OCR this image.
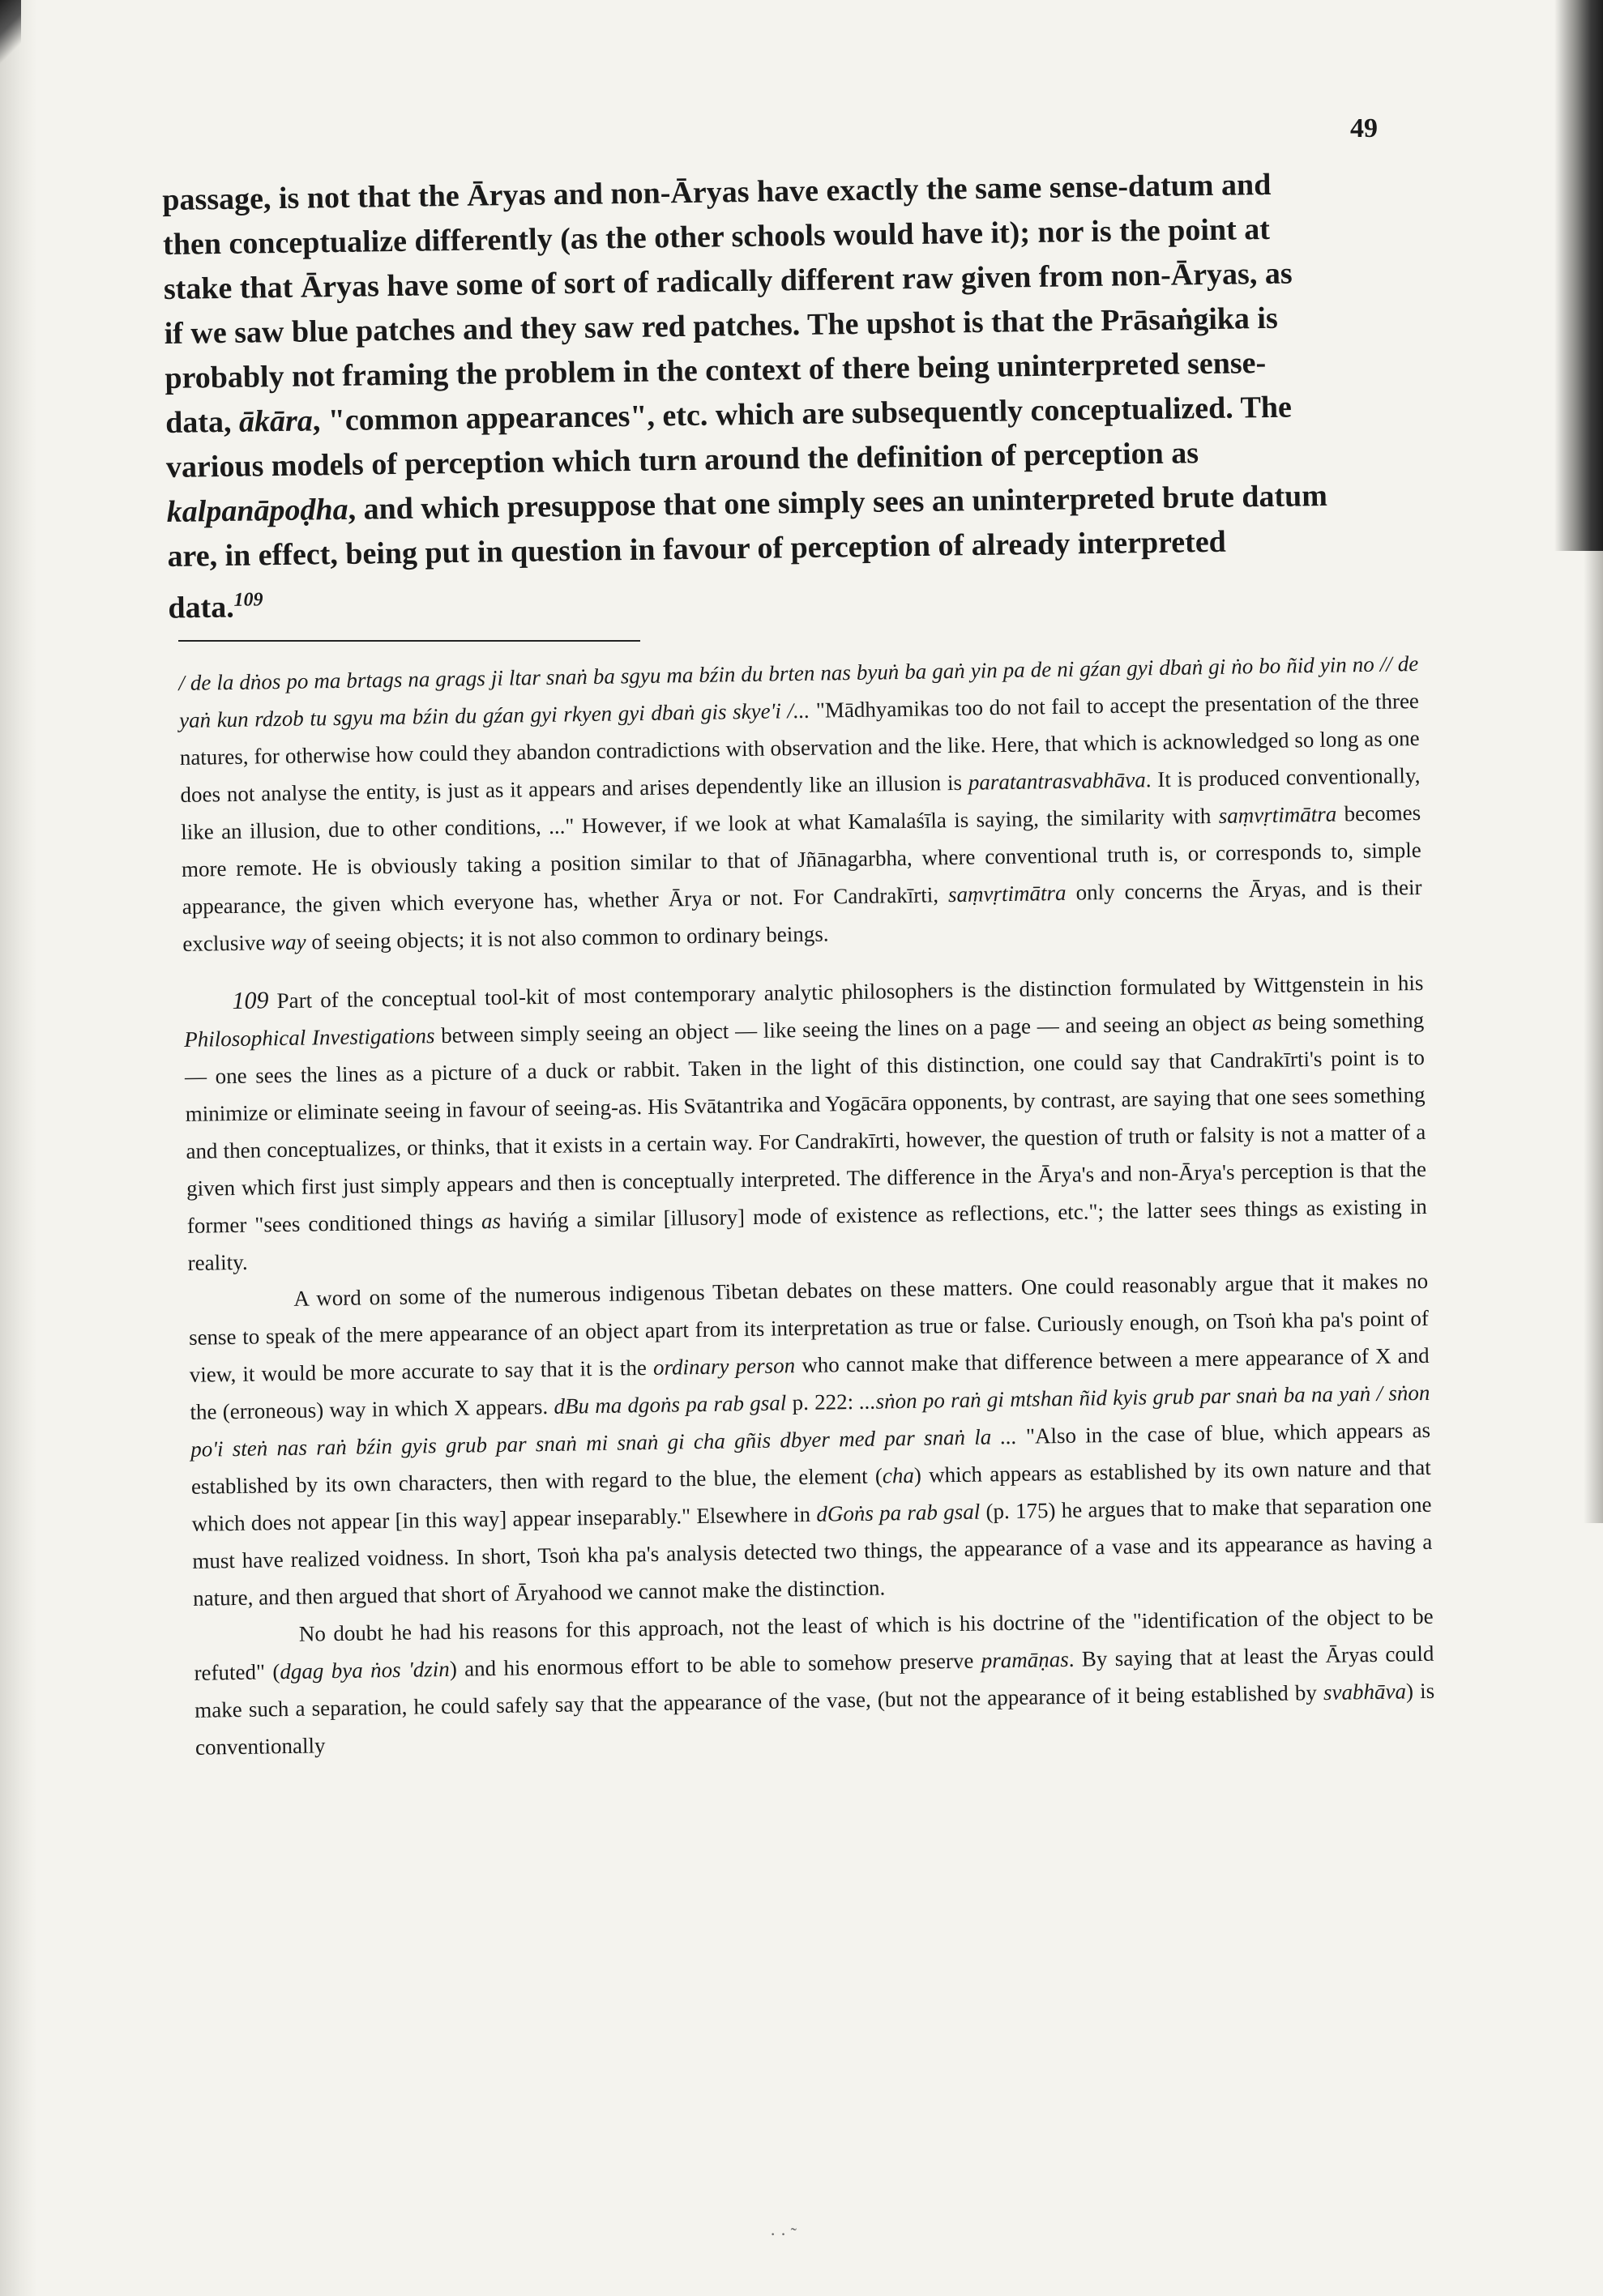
49

passage, is not that the Āryas and non-Āryas have exactly the same sense-datum and

then conceptualize differently (as the other schools would have it); nor is the point at

stake that Āryas have some of sort of radically different raw given from non-Āryas, as

if we saw blue patches and they saw red patches. The upshot is that the Prāsaṅgika is

probably not framing the problem in the context of there being uninterpreted sense-

data, ākāra, "common appearances", etc. which are subsequently conceptualized. The

various models of perception which turn around the definition of perception as

kalpanāpoḍha, and which presuppose that one simply sees an uninterpreted brute datum

are, in effect, being put in question in favour of perception of already interpreted

data.$^{109}$

/ de la dṅos po ma brtags na grags ji ltar snaṅ ba sgyu ma bźin du brten nas byuṅ ba gaṅ yin pa de ni gźan gyi dbaṅ gi ṅo bo ñid yin no // de yaṅ kun rdzob tu sgyu ma bźin du gźan gyi rkyen gyi dbaṅ gis skye'i /... "Mādhyamikas too do not fail to accept the presentation of the three natures, for otherwise how could they abandon contradictions with observation and the like. Here, that which is acknowledged so long as one does not analyse the entity, is just as it appears and arises dependently like an illusion is paratantrasvabhāva. It is produced conventionally, like an illusion, due to other conditions, ..." However, if we look at what Kamalaśīla is saying, the similarity with saṃvṛtimātra becomes more remote. He is obviously taking a position similar to that of Jñānagarbha, where conventional truth is, or corresponds to, simple appearance, the given which everyone has, whether Ārya or not. For Candrakīrti, saṃvṛtimātra only concerns the Āryas, and is their exclusive way of seeing objects; it is not also common to ordinary beings.

109 Part of the conceptual tool-kit of most contemporary analytic philosophers is the distinction formulated by Wittgenstein in his Philosophical Investigations between simply seeing an object — like seeing the lines on a page — and seeing an object as being something — one sees the lines as a picture of a duck or rabbit. Taken in the light of this distinction, one could say that Candrakīrti's point is to minimize or eliminate seeing in favour of seeing-as. His Svātantrika and Yogācāra opponents, by contrast, are saying that one sees something and then conceptualizes, or thinks, that it exists in a certain way. For Candrakīrti, however, the question of truth or falsity is not a matter of a given which first just simply appears and then is conceptually interpreted. The difference in the Ārya's and non-Ārya's perception is that the former "sees conditioned things as havińg a similar [illusory] mode of existence as reflections, etc."; the latter sees things as existing in reality.

A word on some of the numerous indigenous Tibetan debates on these matters. One could reasonably argue that it makes no sense to speak of the mere appearance of an object apart from its interpretation as true or false. Curiously enough, on Tsoṅ kha pa's point of view, it would be more accurate to say that it is the ordinary person who cannot make that difference between a mere appearance of X and the (erroneous) way in which X appears. dBu ma dgoṅs pa rab gsal p. 222: ...sṅon po raṅ gi mtshan ñid kyis grub par snaṅ ba na yaṅ / sṅon po'i steṅ nas raṅ bźin gyis grub par snaṅ mi snaṅ gi cha gñis dbyer med par snaṅ la ... "Also in the case of blue, which appears as established by its own characters, then with regard to the blue, the element (cha) which appears as established by its own nature and that which does not appear [in this way] appear inseparably." Elsewhere in dGoṅs pa rab gsal (p. 175) he argues that to make that separation one must have realized voidness. In short, Tsoṅ kha pa's analysis detected two things, the appearance of a vase and its appearance as having a nature, and then argued that short of Āryahood we cannot make the distinction.

No doubt he had his reasons for this approach, not the least of which is his doctrine of the "identification of the object to be refuted" (dgag bya ṅos 'dzin) and his enormous effort to be able to somehow preserve pramāṇas. By saying that at least the Āryas could make such a separation, he could safely say that the appearance of the vase, (but not the appearance of it being established by svabhāva) is conventionally

· · ˜
